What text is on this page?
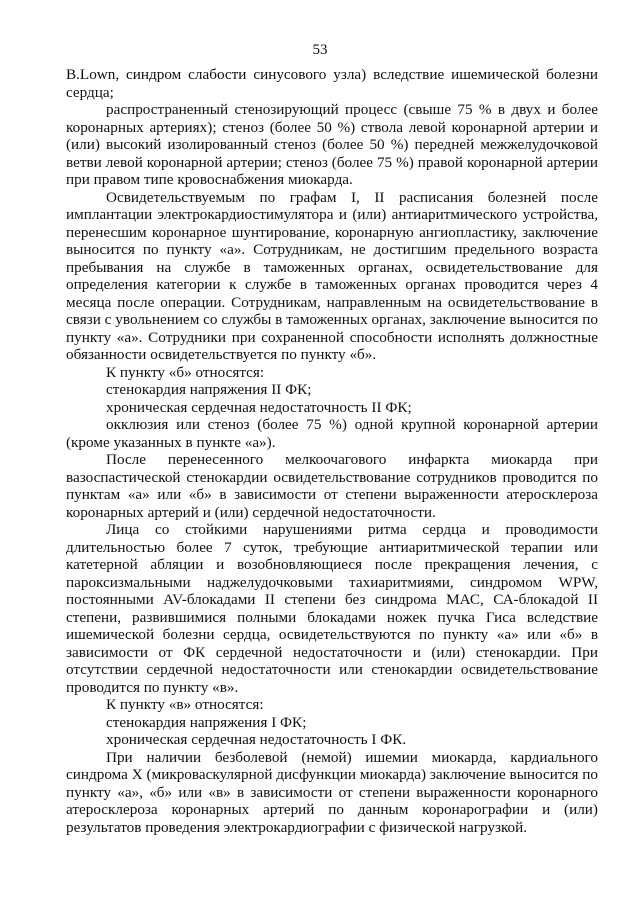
53

B.Lown, синдром слабости синусового узла) вследствие ишемической болезни сердца;

распространенный стенозирующий процесс (свыше 75 % в двух и более коронарных артериях); стеноз (более 50 %) ствола левой коронарной артерии и (или) высокий изолированный стеноз (более 50 %) передней межжелудочковой ветви левой коронарной артерии; стеноз (более 75 %) правой коронарной артерии при правом типе кровоснабжения миокарда.

Освидетельствуемым по графам I, II расписания болезней после имплантации электрокардиостимулятора и (или) антиаритмического устройства, перенесшим коронарное шунтирование, коронарную ангиопластику, заключение выносится по пункту «а». Сотрудникам, не достигшим предельного возраста пребывания на службе в таможенных органах, освидетельствование для определения категории к службе в таможенных органах проводится через 4 месяца после операции. Сотрудникам, направленным на освидетельствование в связи с увольнением со службы в таможенных органах, заключение выносится по пункту «а». Сотрудники при сохраненной способности исполнять должностные обязанности освидетельствуется по пункту «б».

К пункту «б» относятся:

стенокардия напряжения II ФК;

хроническая сердечная недостаточность II ФК;

окклюзия или стеноз (более 75 %) одной крупной коронарной артерии (кроме указанных в пункте «а»).

После перенесенного мелкоочагового инфаркта миокарда при вазоспастической стенокардии освидетельствование сотрудников проводится по пунктам «а» или «б» в зависимости от степени выраженности атеросклероза коронарных артерий и (или) сердечной недостаточности.

Лица со стойкими нарушениями ритма сердца и проводимости длительностью более 7 суток, требующие антиаритмической терапии или катетерной абляции и возобновляющиеся после прекращения лечения, с пароксизмальными наджелудочковыми тахиаритмиями, синдромом WPW, постоянными AV-блокадами II степени без синдрома МАС, СА-блокадой II степени, развившимися полными блокадами ножек пучка Гиса вследствие ишемической болезни сердца, освидетельствуются по пункту «а» или «б» в зависимости от ФК сердечной недостаточности и (или) стенокардии. При отсутствии сердечной недостаточности или стенокардии освидетельствование проводится по пункту «в».

К пункту «в» относятся:

стенокардия напряжения I ФК;

хроническая сердечная недостаточность I ФК.

При наличии безболевой (немой) ишемии миокарда, кардиального синдрома X (микроваскулярной дисфункции миокарда) заключение выносится по пункту «а», «б» или «в» в зависимости от степени выраженности коронарного атеросклероза коронарных артерий по данным коронарографии и (или) результатов проведения электрокардиографии с физической нагрузкой.
